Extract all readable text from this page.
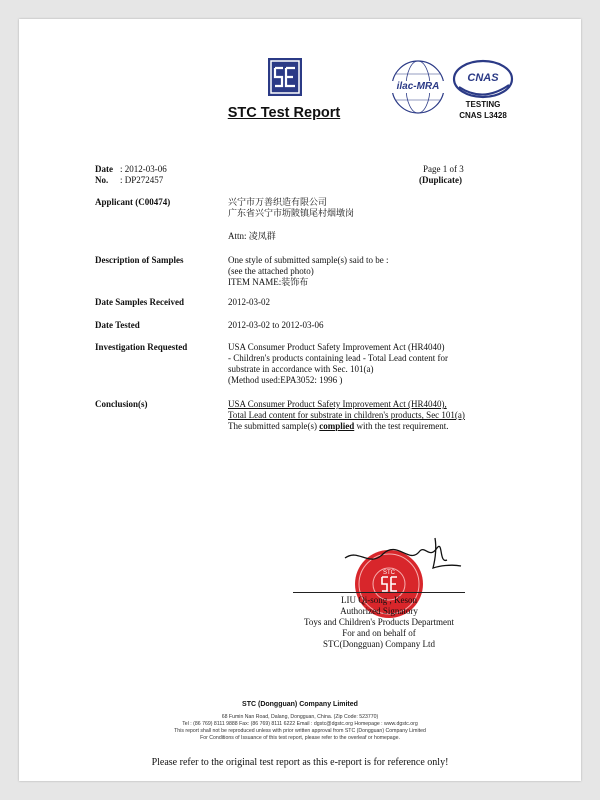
STC Test Report
ilac-MRA
CNAS
TESTING
CNAS L3428
Date : 2012-03-06
No. : DP272457
Page 1 of 3
(Duplicate)
Applicant (C00474)	兴宁市万善织造有限公司
广东省兴宁市坜陂镇尾村烟墩岗
Attn: 凌凤群
Description of Samples	One style of submitted sample(s) said to be :
(see the attached photo)
ITEM NAME:装饰布
Date Samples Received	2012-03-02
Date Tested	2012-03-02 to 2012-03-06
Investigation Requested	USA Consumer Product Safety Improvement Act (HR4040)
- Children's products containing lead - Total Lead content for
substrate in accordance with Sec. 101(a)
(Method used:EPA3052: 1996 )
Conclusion(s)	USA Consumer Product Safety Improvement Act (HR4040),
Total Lead content for substrate in children's products, Sec 101(a)
The submitted sample(s) complied with the test requirement.
STC
LIU Qi-song , Keson
Authorized Signatory
Toys and Children's Products Department
For and on behalf of
STC(Dongguan) Company Ltd
STC (Dongguan) Company Limited
68 Fumin Nan Road, Dalang, Dongguan, China. (Zip Code: 523770)
Tel : (86 769) 8111 9888 Fax: (86 769) 8111 6222 Email : dgstc@dgstc.org Homepage : www.dgstc.org
This report shall not be reproduced unless with prior written approval from STC (Dongguan) Company Limited
For Conditions of Issuance of this test report, please refer to the overleaf or homepage.
Please refer to the original test report as this e-report is for reference only!
